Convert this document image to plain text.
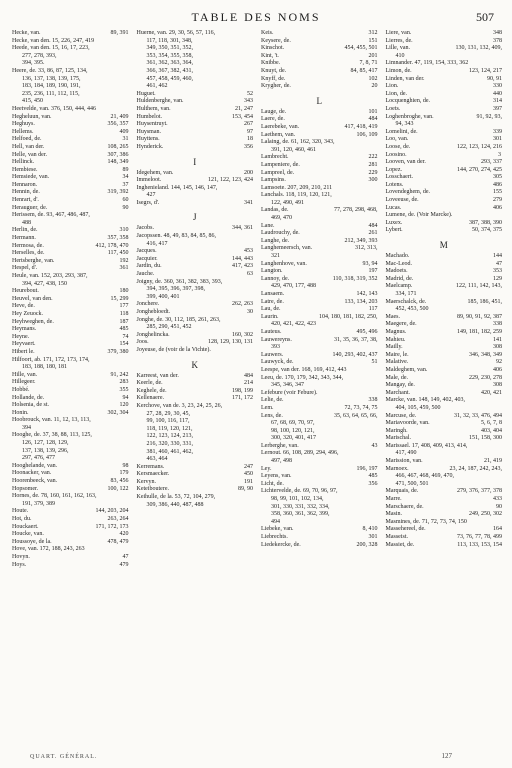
TABLE DES NOMS	507
89, 391
Hecke, van.
Hecke, van den. 15, 226, 247, 419
Heede, van den. 15, 16, 17, 223,
277, 278, 393,
394, 395.
Heere, de. 33, 86, 87, 125, 134,
136, 137, 138, 139, 175,
183, 184, 189, 190, 191,
235, 236, 111, 112, 115,
415, 450
Heetvelde, van. 376, 150, 444, 446
21, 409
Hegheluun, van.
356, 357
Heghuys.
409
Hellems.
31
Helfoed, de.
108, 265
Hell, van der.
307, 386
Helle, van der.
148, 349
Hellinck.
89
Hembiese.
34
Hemsiede, van.
37
Hennaron.
319, 392
Hennin, de.
60
Henrart, d'.
90
Herauguer, de.
Herissem, de. 93, 467, 486, 487,
488
310
Herlin, de.
357, 358
Hermann.
412, 178, 470
Hermosa, de.
117, 450
Herselles, de.
192
Hertsberghe, van.
361
Hespel, d'.
Heule, van. 152, 203, 293, 387,
394, 427, 438, 150
180
Heurebout.
15, 299
Heuvel, van den.
177
Heve, de.
118
Hey Zeuock.
187
Heyhweghen, de.
485
Heymans.
74
Heyne.
154
Heyvaert.
379, 380
Hibert le.
Hilfoort, ab. 171, 172, 173, 174,
183, 188, 180, 181
91, 242
Hille, van.
283
Hillegeer.
355
Hobbé.
94
Hollande, de.
120
Holsenia, de st.
302, 304
Honin.
Hoobrouck, van. 11, 12, 13, 113,
394
Hooghe, de. 37, 38, 88, 113, 125,
126, 127, 128, 129,
137, 138, 139, 296,
297, 476, 477
98
Hooghelande, van.
179
Hoonacker, van.
83, 456
Hoorenbeeck, van.
100, 122
Hopsomer.
Hornes, de. 78, 160, 161, 162, 163,
191, 379, 389
144, 203, 204
Houte.
263, 264
Hot, du.
171, 172, 173
Houckaert.
420
Houcke, van.
478, 479
Houssoye, de la.
Hove, van. 172, 188, 243, 263
47
Hovyn.
479
Hoys.
Huerne, van. 29, 30, 56, 57, 116,
117, 118, 301, 348,
349, 350, 351, 352,
353, 354, 355, 358,
361, 362, 363, 364,
366, 367, 382, 431,
457, 458, 459, 460,
461, 462
52
Huguet.
343
Huldenberghe, van.
21, 247
Hulthem, van.
153, 454
Humbelot.
267
Huysentruyt.
97
Huysman.
18
Huyttens.
356
Hynderick.
I
200
Idegehem, van.
121, 122, 123, 424
Immeloot.
Inghenieland. 144, 145, 146, 147,
427
341
Isegrs, d'.
J
344, 361
Jacobs.
Jacopssen. 48, 49, 83, 84, 85, 86,
416, 417
453
Jacques.
144, 443
Jacquier.
417, 423
Jardin, du.
63
Jauche.
Joigny, de. 360, 361, 382, 383, 393,
394, 395, 396, 397, 398,
399, 400, 401
262, 263
Jonchere.
30
Jonghebloedt.
Jonghe, de. 30, 112, 185, 261, 263,
285, 290, 451, 452
160, 302
Jonghelincka.
128, 129, 130, 131
Joos.
Joyeuse, de (voir de la Vichte).
K
484
Karreest, van der.
214
Keerle, de.
198, 199
Keghele, de.
171, 172
Kellenaere.
Kerchove, van de. 3, 23, 24, 25, 26,
27, 28, 29, 30, 45,
99, 100, 116, 117,
118, 119, 120, 121,
122, 123, 124, 213,
216, 320, 330, 331,
381, 460, 461, 462,
463, 464
247
Kerremans.
450
Kersmaecker.
191
Kervyn.
89, 90
Keteiboutere.
Keihulle, de la. 53, 72, 104, 279,
309, 386, 440, 487, 488
312
Keis.
151
Keysere, de.
454, 455, 501
Kinschot.
201
Kint, 't.
7, 8, 71
Knibbe.
84, 85, 417
Knuyt, de.
102
Knyff, de.
20
Krygher, de.
L
101
Lauge, de.
484
Laere, de.
417, 418, 419
Laerebeke, van.
106, 109
Laethem, van.
Lalaing, de. 61, 162, 320, 343,
391, 120, 460, 461
222
Lambrecht.
281
Lampeniere, de.
229
Lampreel, de.
300
Lampsins.
Lamsoete. 207, 209, 210, 211
Lanchals. 118, 119, 120, 121,
122, 490, 491
77, 278, 298, 468,
Landas, de.
469, 470
484
Lane.
261
Laudrouchy, de.
212, 349, 393
Langhe, de.
312, 313,
Langhemeersch, van.
321
93, 94
Langhenhove, van.
197
Langton.
110, 318, 319, 352
Lannoy, de.
429, 470, 177, 488
142, 143
Lansaem.
133, 134, 203
Latre, de.
117
Lau, de.
104, 180, 181, 182, 250,
Laurin.
420, 421, 422, 423
495, 496
Lauteus.
31, 35, 36, 37, 38,
Lauwereyns.
393
140, 293, 402, 437
Lauwers.
51
Lauwyck, de.
Leespe, van der. 168, 169, 412, 443
Leeu, de. 170, 179, 342, 343, 344,
345, 346, 347
Lefebure (voir Febure).
338
Lelie, de.
72, 73, 74, 75
Lem.
35, 63, 64, 65, 66,
Lens, de.
67, 68, 69, 70, 97,
98, 100, 120, 121,
300, 320, 401, 417
43
Lerberghe, van.
Lernout. 66, 108, 289, 294, 496,
497, 498
196, 197
Ley.
485
Leyens, van.
356
Licht, de.
Lichtervelde, de. 69, 70, 96, 97,
98, 99, 101, 102, 134,
301, 330, 331, 332, 334,
358, 360, 361, 362, 399,
494
8, 410
Liebeke, van.
301
Liebrechts.
200, 328
Liedekercke, de.
348
Liere, van.
378
Lierres, de.
130, 131, 132, 409,
Lille, van.
410
Limnander. 47, 119, 154, 333, 362
123, 124, 217
Limon, de.
90, 91
Linden, van der.
330
Lion.
440
Lion, de.
314
Locquenghien, de.
397
Loets.
91, 92, 93,
Loghenbroghe, van.
94, 343
339
Lomelini, de.
301
Loo, van.
122, 123, 124, 216
Loose, de.
3
Loosino.
293, 337
Looven, van der.
144, 270, 274, 425
Lopez.
305
Losschaert.
486
Lotens.
155
Lovendeghem, de.
279
Loveeuse, de.
406
Lucas.
Lumene, de. (Voir Marcke).
387, 388, 390
Luxex.
50, 374, 375
Lybert.
M
144
Machado.
47
Mac-Leod.
353
Madoets.
129
Madrid, de.
122, 111, 142, 143,
Maelcamp.
334, 171
185, 186, 451,
Maerschalck, de.
452, 453, 500
89, 90, 91, 92, 387
Maes.
338
Maegere, de.
149, 181, 182, 259
Magnus.
141
Mahieu.
308
Mailly.
346, 348, 349
Maire, le.
92
Malative.
406
Maldeghem, van.
229, 230, 278
Male, de.
308
Mangay, de.
420, 421
Marchant.
Marcke, van. 148, 149, 402, 403,
404, 105, 459, 500
31, 32, 33, 476, 494
Marcuse, de.
5, 6, 7, 8
Mariavoorde, van.
403, 404
Maringh.
151, 158, 300
Marischal.
Marissael. 17, 408, 409, 413, 414,
417, 490
21, 419
Marission, van.
23, 24, 187, 242, 243,
Marnoex.
466, 467, 468, 469, 470,
471, 500, 501
279, 376, 377, 378
Marquais, de.
433
Marre.
90
Marschaere, de.
249, 250, 302
Masin.
Masmines, de. 71, 72, 73, 74, 150
164
Massehereel, de.
73, 76, 77, 78, 499
Masseist.
113, 133, 153, 154
Massiet, de.
QUART. GÉNÉRAL.	127
